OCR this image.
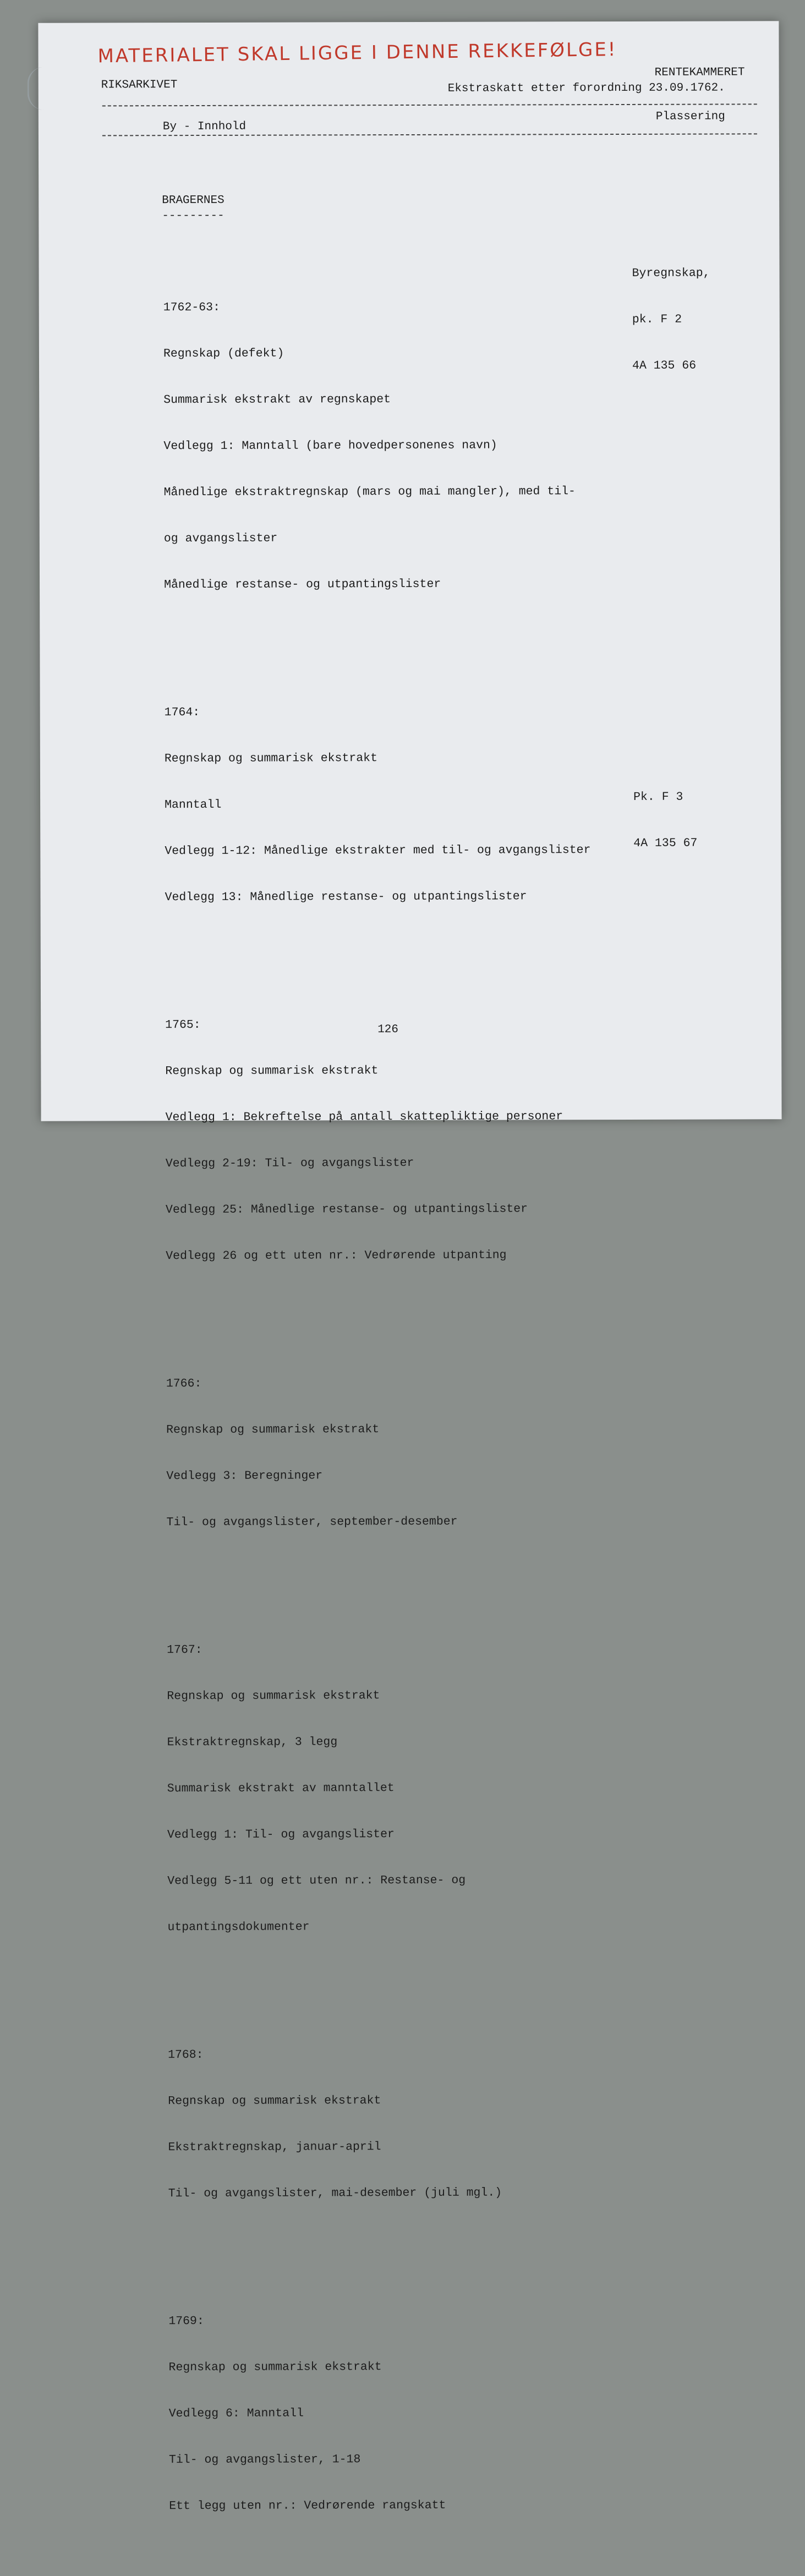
MATERIALET SKAL LIGGE I DENNE REKKEFØLGE!
RIKSARKIVET
RENTEKAMMERET
Ekstraskatt etter forordning 23.09.1762.
By - Innhold
Plassering
BRAGERNES
---------

1762-63:

Regnskap (defekt)

Summarisk ekstrakt av regnskapet

Vedlegg 1: Manntall (bare hovedpersonenes navn)

Månedlige ekstraktregnskap (mars og mai mangler), med til-

og avgangslister

Månedlige restanse- og utpantingslister

1764:

Regnskap og summarisk ekstrakt

Manntall

Vedlegg 1-12: Månedlige ekstrakter med til- og avgangslister

Vedlegg 13: Månedlige restanse- og utpantingslister

1765:

Regnskap og summarisk ekstrakt

Vedlegg 1: Bekreftelse på antall skattepliktige personer

Vedlegg 2-19: Til- og avgangslister

Vedlegg 25: Månedlige restanse- og utpantingslister

Vedlegg 26 og ett uten nr.: Vedrørende utpanting

1766:

Regnskap og summarisk ekstrakt

Vedlegg 3: Beregninger

Til- og avgangslister, september-desember

1767:

Regnskap og summarisk ekstrakt

Ekstraktregnskap, 3 legg

Summarisk ekstrakt av manntallet

Vedlegg 1: Til- og avgangslister

Vedlegg 5-11 og ett uten nr.: Restanse- og

utpantingsdokumenter

1768:

Regnskap og summarisk ekstrakt

Ekstraktregnskap, januar-april

Til- og avgangslister, mai-desember (juli mgl.)

1769:

Regnskap og summarisk ekstrakt

Vedlegg 6: Manntall

Til- og avgangslister, 1-18

Ett legg uten nr.: Vedrørende rangskatt

Byregnskap,

pk. F 2

4A 135 66

Pk. F 3

4A 135 67

126
